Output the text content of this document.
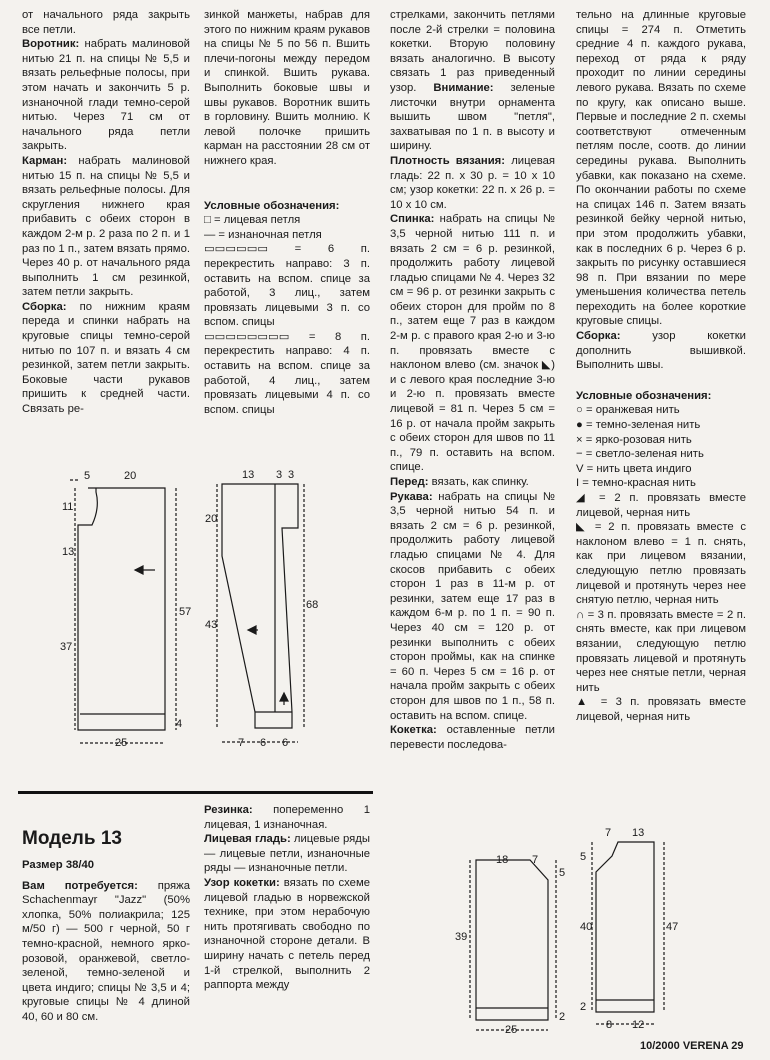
от начального ряда закрыть все петли.

Воротник: набрать малиновой нитью 21 п. на спицы № 5,5 и вязать рельефные полосы, при этом начать и закончить 5 р. изнаночной глади темно-серой нитью. Через 71 см от начального ряда петли закрыть.

Карман: набрать малиновой нитью 15 п. на спицы № 5,5 и вязать рельефные полосы. Для скругления нижнего края прибавить с обеих сторон в каждом 2-м р. 2 раза по 2 п. и 1 раз по 1 п., затем вязать прямо. Через 40 р. от начального ряда выполнить 1 см резинкой, затем петли закрыть.

Сборка: по нижним краям переда и спинки набрать на круговые спицы темно-серой нитью по 107 п. и вязать 4 см резинкой, затем петли закрыть. Боковые части рукавов пришить к средней части. Связать ре-

зинкой манжеты, набрав для этого по нижним краям рукавов на спицы № 5 по 56 п. Вшить плечи-погоны между передом и спинкой. Вшить рукава. Выполнить боковые швы и швы рукавов. Воротник вшить в горловину. Вшить молнию. К левой полочке пришить карман на расстоянии 28 см от нижнего края.

Условные обозначения:

□ = лицевая петля

— = изнаночная петля

▭▭▭▭▭▭ = 6 п. перекрестить направо: 3 п. оставить на вспом. спице за работой, 3 лиц., затем провязать лицевыми 3 п. со вспом. спицы

▭▭▭▭▭▭▭▭ = 8 п. перекрестить направо: 4 п. оставить на вспом. спице за работой, 4 лиц., затем провязать лицевыми 4 п. со вспом. спицы

стрелками, закончить петлями после 2-й стрелки = половина кокетки. Вторую половину вязать аналогично. В высоту связать 1 раз приведенный узор. Внимание: зеленые листочки внутри орнамента вышить швом "петля", захватывая по 1 п. в высоту и ширину.

Плотность вязания: лицевая гладь: 22 п. х 30 р. = 10 х 10 см; узор кокетки: 22 п. х 26 р. = 10 х 10 см.

Спинка: набрать на спицы № 3,5 черной нитью 111 п. и вязать 2 см = 6 р. резинкой, продолжить работу лицевой гладью спицами № 4. Через 32 см = 96 р. от резинки закрыть с обеих сторон для пройм по 8 п., затем еще 7 раз в каждом 2-м р. с правого края 2-ю и 3-ю п. провязать вместе с наклоном влево (см. значок ◣) и с левого края последние 3-ю и 2-ю п. провязать вместе лицевой = 81 п. Через 5 см = 16 р. от начала пройм закрыть с обеих сторон для швов по 11 п., 79 п. оставить на вспом. спице.

Перед: вязать, как спинку.

Рукава: набрать на спицы № 3,5 черной нитью 54 п. и вязать 2 см = 6 р. резинкой, продолжить работу лицевой гладью спицами № 4. Для скосов прибавить с обеих сторон 1 раз в 11-м р. от резинки, затем еще 17 раз в каждом 6-м р. по 1 п. = 90 п. Через 40 см = 120 р. от резинки выполнить с обеих сторон проймы, как на спинке = 60 п. Через 5 см = 16 р. от начала пройм закрыть с обеих сторон для швов по 1 п., 58 п. оставить на вспом. спице.

Кокетка: оставленные петли перевести последова-

тельно на длинные круговые спицы = 274 п. Отметить средние 4 п. каждого рукава, переход от ряда к ряду проходит по линии середины левого рукава. Вязать по схеме по кругу, как описано выше. Первые и последние 2 п. схемы соответствуют отмеченным петлям после, соотв. до линии середины рукава. Выполнить убавки, как показано на схеме. По окончании работы по схеме на спицах 146 п. Затем вязать резинкой бейку черной нитью, при этом продолжить убавки, как в последних 6 р. Через 6 р. закрыть по рисунку оставшиеся 98 п. При вязании по мере уменьшения количества петель переходить на более короткие круговые спицы.

Сборка: узор кокетки дополнить вышивкой. Выполнить швы.

Условные обозначения:

○ = оранжевая нить

● = темно-зеленая нить

× = ярко-розовая нить

− = светло-зеленая нить

V = нить цвета индиго

I = темно-красная нить

◢ = 2 п. провязать вместе лицевой, черная нить

◣ = 2 п. провязать вместе с наклоном влево = 1 п. снять, как при лицевом вязании, следующую петлю провязать лицевой и протянуть через нее снятую петлю, черная нить

∩ = 3 п. провязать вместе = 2 п. снять вместе, как при лицевом вязании, следующую петлю провязать лицевой и протянуть через нее снятые петли, черная нить

▲ = 3 п. провязать вместе лицевой, черная нить

Модель 13

Размер 38/40

Вам потребуется: пряжа Schachenmayr "Jazz" (50% хлопка, 50% полиакрила; 125 м/50 г) — 500 г черной, 50 г темно-красной, немного ярко-розовой, оранжевой, светло-зеленой, темно-зеленой и цвета индиго; спицы № 3,5 и 4; круговые спицы № 4 длиной 40, 60 и 80 см.

Резинка: попеременно 1 лицевая, 1 изнаночная.

Лицевая гладь: лицевые ряды — лицевые петли, изнаночные ряды — изнаночные петли.

Узор кокетки: вязать по схеме лицевой гладью в норвежской технике, при этом нерабочую нить протягивать свободно по изнаночной стороне детали. В ширину начать с петель перед 1-й стрелкой, выполнить 2 раппорта между

5	20
11
13
57
37
4
25
13 3 3
20
43
68
7 6 6
18 7
5
39
25
2
7 13
5
40	47
8 12
2
10/2000 VERENA 29
